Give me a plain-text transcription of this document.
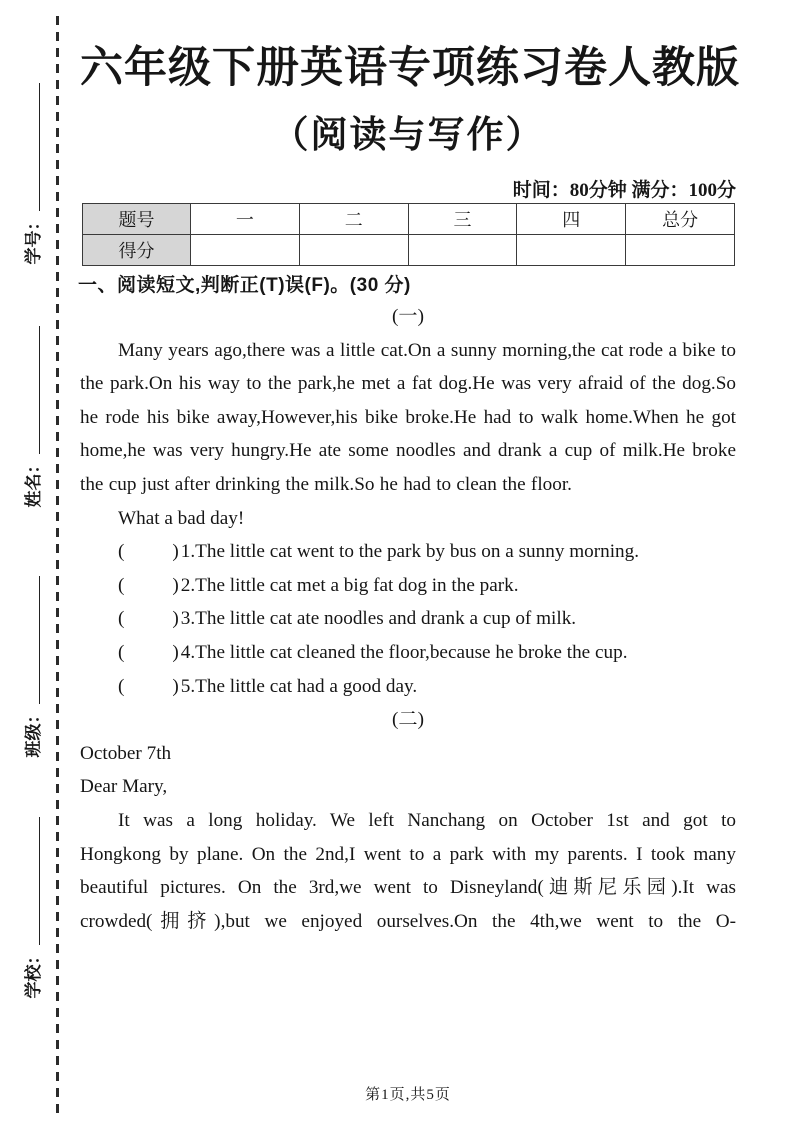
学号：
姓名：
班级：
学校：
六年级下册英语专项练习卷人教版
（阅读与写作）
时间：80分钟 满分：100分
题号	一	二	三	四	总分
得分					
一、阅读短文,判断正(T)误(F)。(30 分)
(一)
Many years ago,there was a little cat.On a sunny morning,the cat rode a bike to the park.On his way to the park,he met a fat dog.He was very afraid of the dog.So he rode his bike away,However,his bike broke.He had to walk home.When he got home,he was very hungry.He ate some noodles and drank a cup of milk.He broke the cup just after drinking the milk.So he had to clean the floor.
What a bad day!
(          ) 1.The little cat went to the park by bus on a sunny morning.
(          ) 2.The little cat met a big fat dog in the park.
(          ) 3.The little cat ate noodles and drank a cup of milk.
(          ) 4.The little cat cleaned the floor,because he broke the cup.
(          ) 5.The little cat had a good day.
(二)
October 7th
Dear Mary,
It was a long holiday. We left Nanchang on October 1st and got to Hongkong by plane. On the 2nd,I went to a park with my parents. I took many beautiful pictures. On the 3rd,we went to Disneyland(迪斯尼乐园).It was crowded(拥挤),but we enjoyed ourselves.On the 4th,we went to the O-
第1页,共5页
